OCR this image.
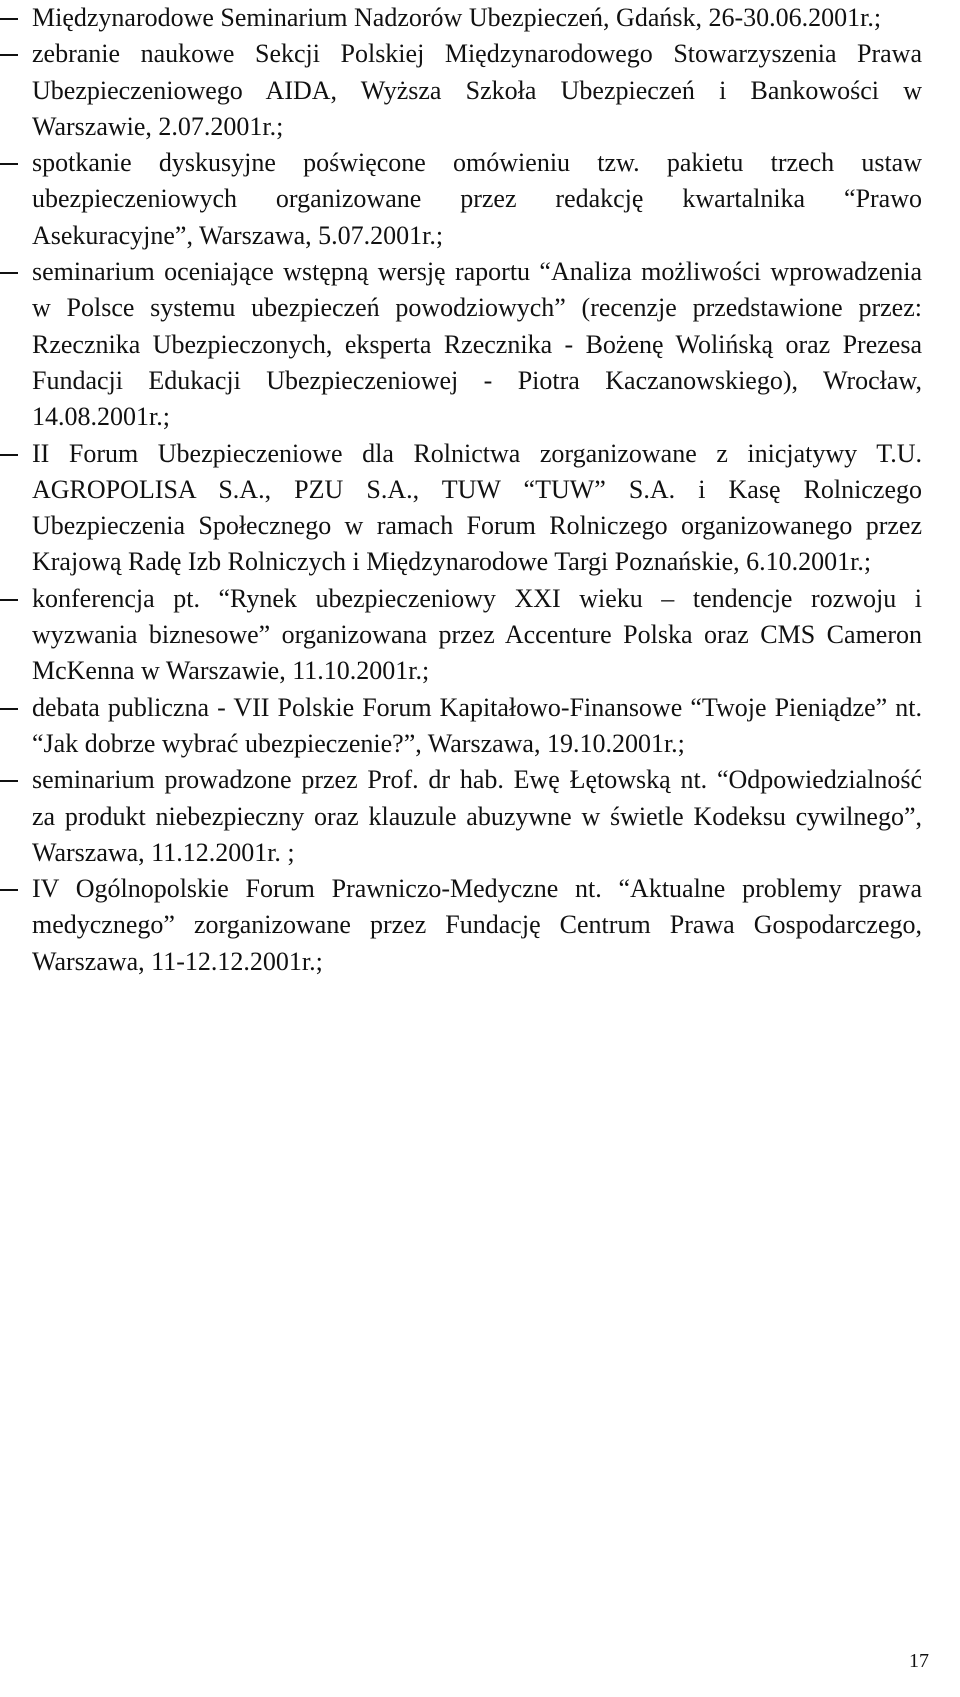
Międzynarodowe Seminarium Nadzorów Ubezpieczeń, Gdańsk, 26-30.06.2001r.;
zebranie naukowe Sekcji Polskiej Międzynarodowego Stowarzyszenia Prawa Ubezpieczeniowego AIDA, Wyższa Szkoła Ubezpieczeń i Bankowości w Warszawie, 2.07.2001r.;
spotkanie dyskusyjne poświęcone omówieniu tzw. pakietu trzech ustaw ubezpieczeniowych organizowane przez redakcję kwartalnika “Prawo Asekuracyjne”, Warszawa, 5.07.2001r.;
seminarium oceniające wstępną wersję raportu “Analiza możliwości wprowadzenia w Polsce systemu ubezpieczeń powodziowych” (recenzje przedstawione przez: Rzecznika Ubezpieczonych, eksperta Rzecznika - Bożenę Wolińską oraz Prezesa Fundacji Edukacji Ubezpieczeniowej - Piotra Kaczanowskiego), Wrocław, 14.08.2001r.;
II Forum Ubezpieczeniowe dla Rolnictwa zorganizowane z inicjatywy T.U. AGROPOLISA S.A., PZU S.A., TUW “TUW” S.A. i Kasę Rolniczego Ubezpieczenia Społecznego w ramach Forum Rolniczego organizowanego przez Krajową Radę Izb Rolniczych i Międzynarodowe Targi Poznańskie, 6.10.2001r.;
konferencja pt. “Rynek ubezpieczeniowy XXI wieku – tendencje rozwoju i wyzwania biznesowe” organizowana przez Accenture Polska oraz CMS Cameron McKenna w Warszawie, 11.10.2001r.;
debata publiczna - VII Polskie Forum Kapitałowo-Finansowe “Twoje Pieniądze” nt. “Jak dobrze wybrać ubezpieczenie?”, Warszawa, 19.10.2001r.;
seminarium prowadzone przez Prof. dr hab. Ewę Łętowską nt. “Odpowiedzialność za produkt niebezpieczny oraz klauzule abuzywne w świetle Kodeksu cywilnego”, Warszawa, 11.12.2001r. ;
IV Ogólnopolskie Forum Prawniczo-Medyczne nt. “Aktualne problemy prawa medycznego” zorganizowane przez Fundację Centrum Prawa Gospodarczego, Warszawa, 11-12.12.2001r.;
17
